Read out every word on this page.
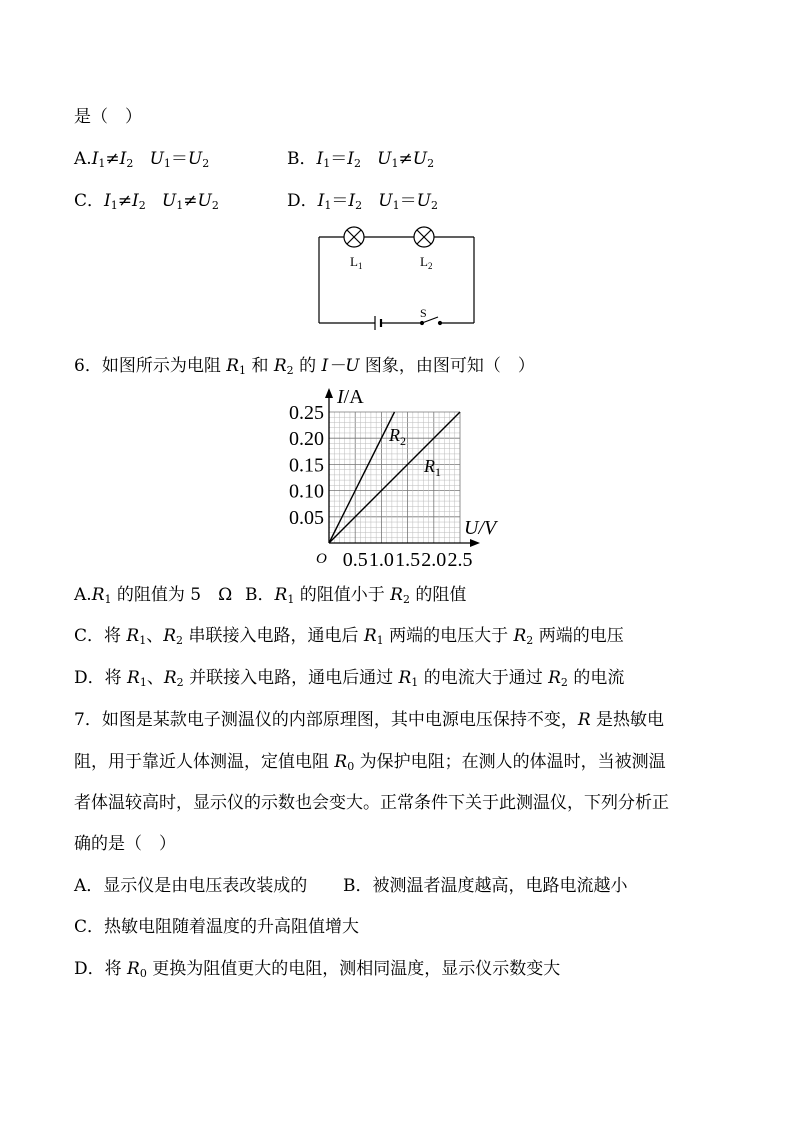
是（　）
$A.I_1\ne I_2$ $U_1=U_2$	B．$I_1=I_2$ $U_1\ne U_2$
C．$I_1\ne I_2$ $U_1\ne U_2$	D．$I_1=I_2$ $U_1=U_2$
$L_1$	$L_2$
S
6．如图所示为电阻 $R_1$ 和 $R_2$ 的 I－U 图象，由图可知（　）
0.25
0.20
0.15
0.10
0.05
0.5 1.0 1.5 2.0 2.5
O
I/A
U/V
$R_2$
$R_1$
$A.R_1$ 的阻值为 5　Ω B．$R_1$ 的阻值小于 $R_2$ 的阻值
C．将 $R_1$、$R_2$ 串联接入电路，通电后 $R_1$ 两端的电压大于 $R_2$ 两端的电压
D．将 $R_1$、$R_2$ 并联接入电路，通电后通过 $R_1$ 的电流大于通过 $R_2$ 的电流
7．如图是某款电子测温仪的内部原理图，其中电源电压保持不变，R 是热敏电
阻，用于靠近人体测温，定值电阻 $R_0$ 为保护电阻；在测人的体温时，当被测温
者体温较高时，显示仪的示数也会变大。正常条件下关于此测温仪，下列分析正
确的是（　）
A．显示仪是由电压表改装成的 B．被测温者温度越高，电路电流越小
C．热敏电阻随着温度的升高阻值增大
D．将 $R_0$ 更换为阻值更大的电阻，测相同温度，显示仪示数变大
